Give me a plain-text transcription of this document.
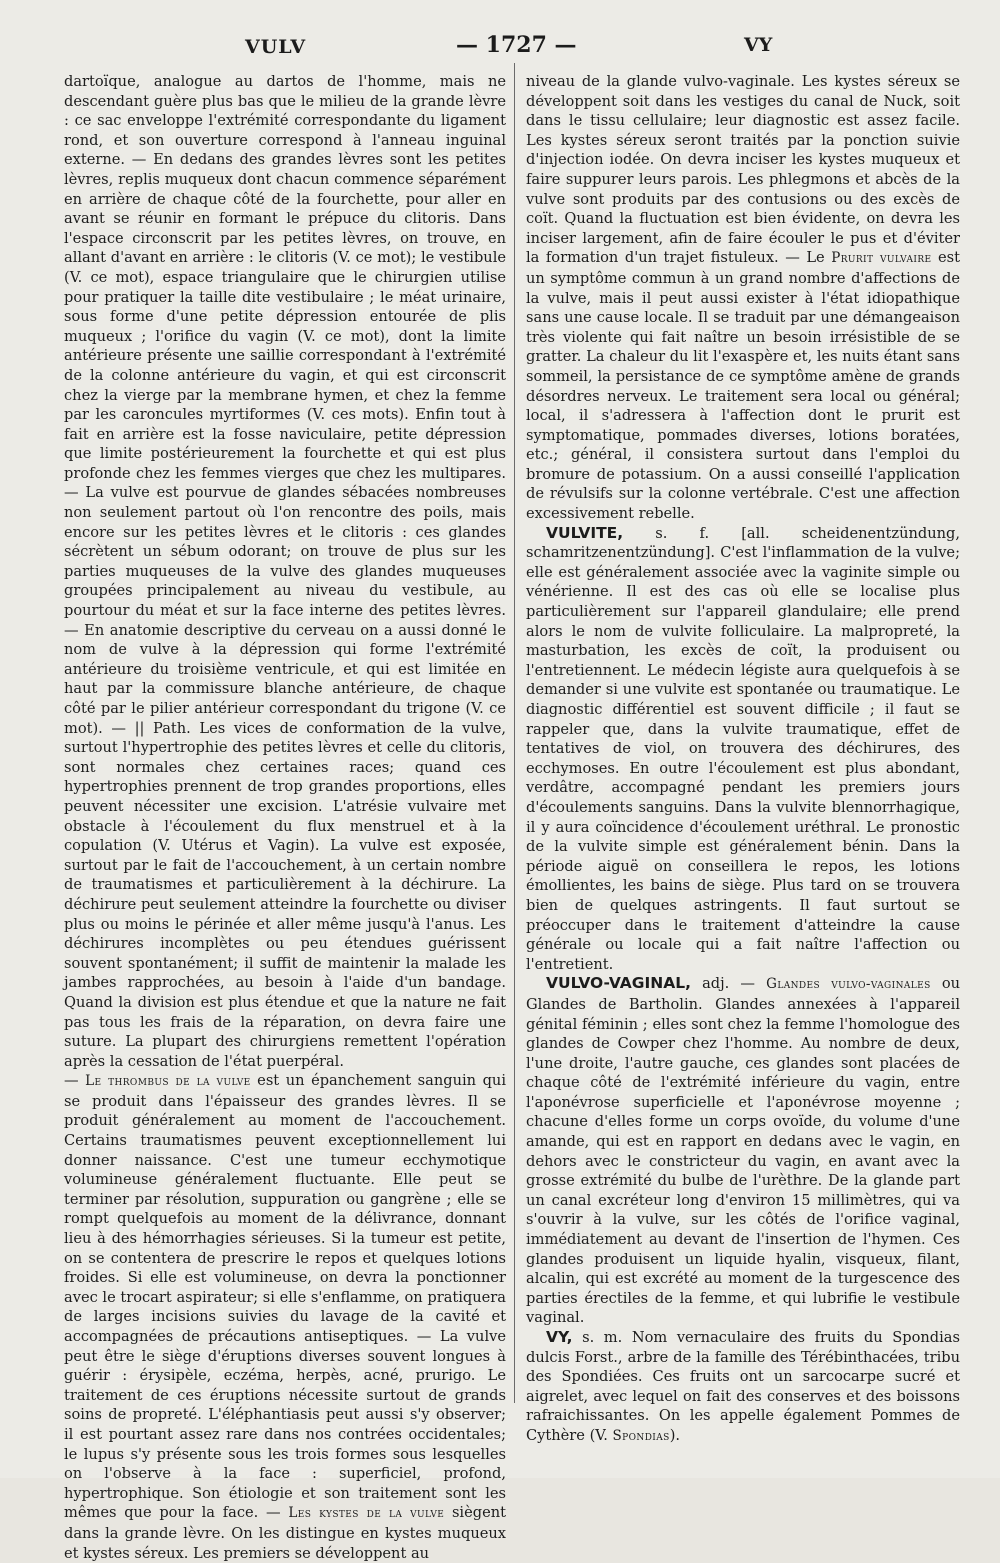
VULV	— 1727 —	VY

dartoïque, analogue au dartos de l'homme, mais ne descendant guère plus bas que le milieu de la grande lèvre : ce sac enveloppe l'extrémité correspondante du ligament rond, et son ouverture correspond à l'anneau inguinal externe. — En dedans des grandes lèvres sont les petites lèvres, replis muqueux dont chacun commence séparément en arrière de chaque côté de la fourchette, pour aller en avant se réunir en formant le prépuce du clitoris. Dans l'espace circonscrit par les petites lèvres, on trouve, en allant d'avant en arrière : le clitoris (V. ce mot); le vestibule (V. ce mot), espace triangulaire que le chirurgien utilise pour pratiquer la taille dite vestibulaire ; le méat urinaire, sous forme d'une petite dépression entourée de plis muqueux ; l'orifice du vagin (V. ce mot), dont la limite antérieure présente une saillie correspondant à l'extrémité de la colonne antérieure du vagin, et qui est circonscrit chez la vierge par la membrane hymen, et chez la femme par les caroncules myrtiformes (V. ces mots). Enfin tout à fait en arrière est la fosse naviculaire, petite dépression que limite postérieurement la fourchette et qui est plus profonde chez les femmes vierges que chez les multipares. — La vulve est pourvue de glandes sébacées nombreuses non seulement partout où l'on rencontre des poils, mais encore sur les petites lèvres et le clitoris : ces glandes sécrètent un sébum odorant; on trouve de plus sur les parties muqueuses de la vulve des glandes muqueuses groupées principalement au niveau du vestibule, au pourtour du méat et sur la face interne des petites lèvres. — En anatomie descriptive du cerveau on a aussi donné le nom de vulve à la dépression qui forme l'extrémité antérieure du troisième ventricule, et qui est limitée en haut par la commissure blanche antérieure, de chaque côté par le pilier antérieur correspondant du trigone (V. ce mot). — || Path. Les vices de conformation de la vulve, surtout l'hypertrophie des petites lèvres et celle du clitoris, sont normales chez certaines races; quand ces hypertrophies prennent de trop grandes proportions, elles peuvent nécessiter une excision. L'atrésie vulvaire met obstacle à l'écoulement du flux menstruel et à la copulation (V. Utérus et Vagin). La vulve est exposée, surtout par le fait de l'accouchement, à un certain nombre de traumatismes et particulièrement à la déchirure. La déchirure peut seulement atteindre la fourchette ou diviser plus ou moins le périnée et aller même jusqu'à l'anus. Les déchirures incomplètes ou peu étendues guérissent souvent spontanément; il suffit de maintenir la malade les jambes rapprochées, au besoin à l'aide d'un bandage. Quand la division est plus étendue et que la nature ne fait pas tous les frais de la réparation, on devra faire une suture. La plupart des chirurgiens remettent l'opération après la cessation de l'état puerpéral.

— Le thrombus de la vulve est un épanchement sanguin qui se produit dans l'épaisseur des grandes lèvres. Il se produit généralement au moment de l'accouchement. Certains traumatismes peuvent exceptionnellement lui donner naissance. C'est une tumeur ecchymotique volumineuse généralement fluctuante. Elle peut se terminer par résolution, suppuration ou gangrène ; elle se rompt quelquefois au moment de la délivrance, donnant lieu à des hémorrhagies sérieuses. Si la tumeur est petite, on se contentera de prescrire le repos et quelques lotions froides. Si elle est volumineuse, on devra la ponctionner avec le trocart aspirateur; si elle s'enflamme, on pratiquera de larges incisions suivies du lavage de la cavité et accompagnées de précautions antiseptiques. — La vulve peut être le siège d'éruptions diverses souvent longues à guérir : érysipèle, eczéma, herpès, acné, prurigo. Le traitement de ces éruptions nécessite surtout de grands soins de propreté. L'éléphantiasis peut aussi s'y observer; il est pourtant assez rare dans nos contrées occidentales; le lupus s'y présente sous les trois formes sous lesquelles on l'observe à la face : superficiel, profond, hypertrophique. Son étiologie et son traitement sont les mêmes que pour la face. — Les kystes de la vulve siègent dans la grande lèvre. On les distingue en kystes muqueux et kystes séreux. Les premiers se développent au

niveau de la glande vulvo-vaginale. Les kystes séreux se développent soit dans les vestiges du canal de Nuck, soit dans le tissu cellulaire; leur diagnostic est assez facile. Les kystes séreux seront traités par la ponction suivie d'injection iodée. On devra inciser les kystes muqueux et faire suppurer leurs parois. Les phlegmons et abcès de la vulve sont produits par des contusions ou des excès de coït. Quand la fluctuation est bien évidente, on devra les inciser largement, afin de faire écouler le pus et d'éviter la formation d'un trajet fistuleux. — Le Prurit vulvaire est un symptôme commun à un grand nombre d'affections de la vulve, mais il peut aussi exister à l'état idiopathique sans une cause locale. Il se traduit par une démangeaison très violente qui fait naître un besoin irrésistible de se gratter. La chaleur du lit l'exaspère et, les nuits étant sans sommeil, la persistance de ce symptôme amène de grands désordres nerveux. Le traitement sera local ou général; local, il s'adressera à l'affection dont le prurit est symptomatique, pommades diverses, lotions boratées, etc.; général, il consistera surtout dans l'emploi du bromure de potassium. On a aussi conseillé l'application de révulsifs sur la colonne vertébrale. C'est une affection excessivement rebelle.

VULVITE, s. f. [all. scheidenentzündung, schamritzenentzündung]. C'est l'inflammation de la vulve; elle est généralement associée avec la vaginite simple ou vénérienne. Il est des cas où elle se localise plus particulièrement sur l'appareil glandulaire; elle prend alors le nom de vulvite folliculaire. La malpropreté, la masturbation, les excès de coït, la produisent ou l'entretiennent. Le médecin légiste aura quelquefois à se demander si une vulvite est spontanée ou traumatique. Le diagnostic différentiel est souvent difficile ; il faut se rappeler que, dans la vulvite traumatique, effet de tentatives de viol, on trouvera des déchirures, des ecchymoses. En outre l'écoulement est plus abondant, verdâtre, accompagné pendant les premiers jours d'écoulements sanguins. Dans la vulvite blennorrhagique, il y aura coïncidence d'écoulement uréthral. Le pronostic de la vulvite simple est généralement bénin. Dans la période aiguë on conseillera le repos, les lotions émollientes, les bains de siège. Plus tard on se trouvera bien de quelques astringents. Il faut surtout se préoccuper dans le traitement d'atteindre la cause générale ou locale qui a fait naître l'affection ou l'entretient.

VULVO-VAGINAL, adj. — Glandes vulvo-vaginales ou Glandes de Bartholin. Glandes annexées à l'appareil génital féminin ; elles sont chez la femme l'homologue des glandes de Cowper chez l'homme. Au nombre de deux, l'une droite, l'autre gauche, ces glandes sont placées de chaque côté de l'extrémité inférieure du vagin, entre l'aponévrose superficielle et l'aponévrose moyenne ; chacune d'elles forme un corps ovoïde, du volume d'une amande, qui est en rapport en dedans avec le vagin, en dehors avec le constricteur du vagin, en avant avec la grosse extrémité du bulbe de l'urèthre. De la glande part un canal excréteur long d'environ 15 millimètres, qui va s'ouvrir à la vulve, sur les côtés de l'orifice vaginal, immédiatement au devant de l'insertion de l'hymen. Ces glandes produisent un liquide hyalin, visqueux, filant, alcalin, qui est excrété au moment de la turgescence des parties érectiles de la femme, et qui lubrifie le vestibule vaginal.

VY, s. m. Nom vernaculaire des fruits du Spondias dulcis Forst., arbre de la famille des Térébinthacées, tribu des Spondiées. Ces fruits ont un sarcocarpe sucré et aigrelet, avec lequel on fait des conserves et des boissons rafraichissantes. On les appelle également Pommes de Cythère (V. Spondias).
